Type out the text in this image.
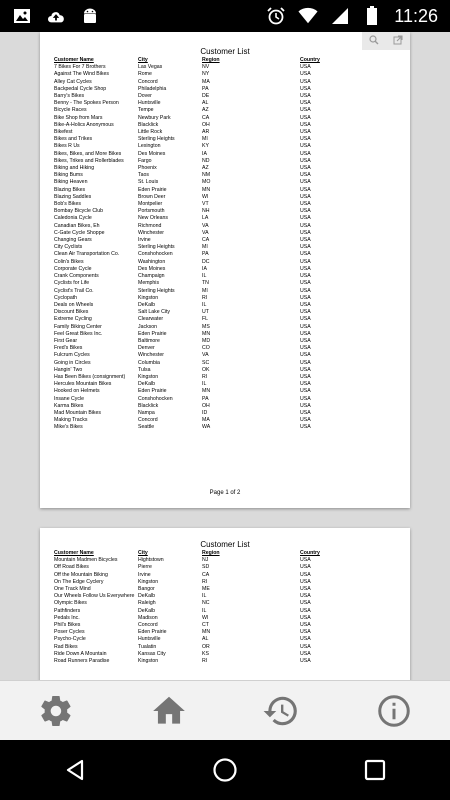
11:26
Customer List
Customer Name	City	Region	Country
7 Bikes For 7 Brothers	Las Vegas	NV	USA
Against The Wind Bikes	Rome	NY	USA
Alley Cat Cycles	Concord	MA	USA
Backpedal Cycle Shop	Philadelphia	PA	USA
Barry's Bikes	Dover	DE	USA
Benny - The Spokes Person	Huntsville	AL	USA
Bicycle Races	Tempe	AZ	USA
Bike Shop from Mars	Newbury Park	CA	USA
Bike-A-Holics Anonymous	Blacklick	OH	USA
Bikefest	Little Rock	AR	USA
Bikes and Trikes	Sterling Heights	MI	USA
Bikes R Us	Lexington	KY	USA
Bikes, Bikes, and More Bikes	Des Moines	IA	USA
Bikes, Trikes and Rollerblades	Fargo	ND	USA
Biking and Hiking	Phoenix	AZ	USA
Biking Bums	Taos	NM	USA
Biking Heaven	St. Louis	MO	USA
Blazing Bikes	Eden Prairie	MN	USA
Blazing Saddles	Brown Deer	WI	USA
Bob's Bikes	Montpelier	VT	USA
Bombay Bicycle Club	Portsmouth	NH	USA
Caledonia Cycle	New Orleans	LA	USA
Canadian Bikes, Eh	Richmond	VA	USA
C-Gate Cycle Shoppe	Winchester	VA	USA
Changing Gears	Irvine	CA	USA
City Cyclists	Sterling Heights	MI	USA
Clean Air Transportation Co.	Conshohocken	PA	USA
Colin's Bikes	Washington	DC	USA
Corporate Cycle	Des Moines	IA	USA
Crank Components	Champaign	IL	USA
Cyclists for Life	Memphis	TN	USA
Cyclist's Trail Co.	Sterling Heights	MI	USA
Cyclopath	Kingston	RI	USA
Deals on Wheels	DeKalb	IL	USA
Discount Bikes	Salt Lake City	UT	USA
Extreme Cycling	Clearwater	FL	USA
Family Biking Center	Jackson	MS	USA
Feel Great Bikes Inc.	Eden Prairie	MN	USA
First Gear	Baltimore	MD	USA
Fred's Bikes	Denver	CO	USA
Fulcrum Cycles	Winchester	VA	USA
Going in Circles	Columbia	SC	USA
Hangin' Two	Tulsa	OK	USA
Has Been Bikes (consignment)	Kingston	RI	USA
Hercules Mountain Bikes	DeKalb	IL	USA
Hooked on Helmets	Eden Prairie	MN	USA
Insane Cycle	Conshohocken	PA	USA
Karma Bikes	Blacklick	OH	USA
Mad Mountain Bikes	Nampa	ID	USA
Making Tracks	Concord	MA	USA
Mike's Bikes	Seattle	WA	USA
Page 1 of 2
Customer List
Customer Name	City	Region	Country
Mountain Madmen Bicycles	Hightstown	NJ	USA
Off Road Bikes	Pierre	SD	USA
Off the Mountain Biking	Irvine	CA	USA
On The Edge Cyclery	Kingston	RI	USA
One Track Mind	Bangor	ME	USA
Our Wheels Follow Us Everywhere	DeKalb	IL	USA
Olympic Bikes	Raleigh	NC	USA
Pathfinders	DeKalb	IL	USA
Pedals Inc.	Madison	WI	USA
Phil's Bikes	Concord	CT	USA
Poser Cycles	Eden Prairie	MN	USA
Psycho-Cycle	Huntsville	AL	USA
Rad Bikes	Tualatin	OR	USA
Ride Down A Mountain	Kansas City	KS	USA
Road Runners Paradise	Kingston	RI	USA
